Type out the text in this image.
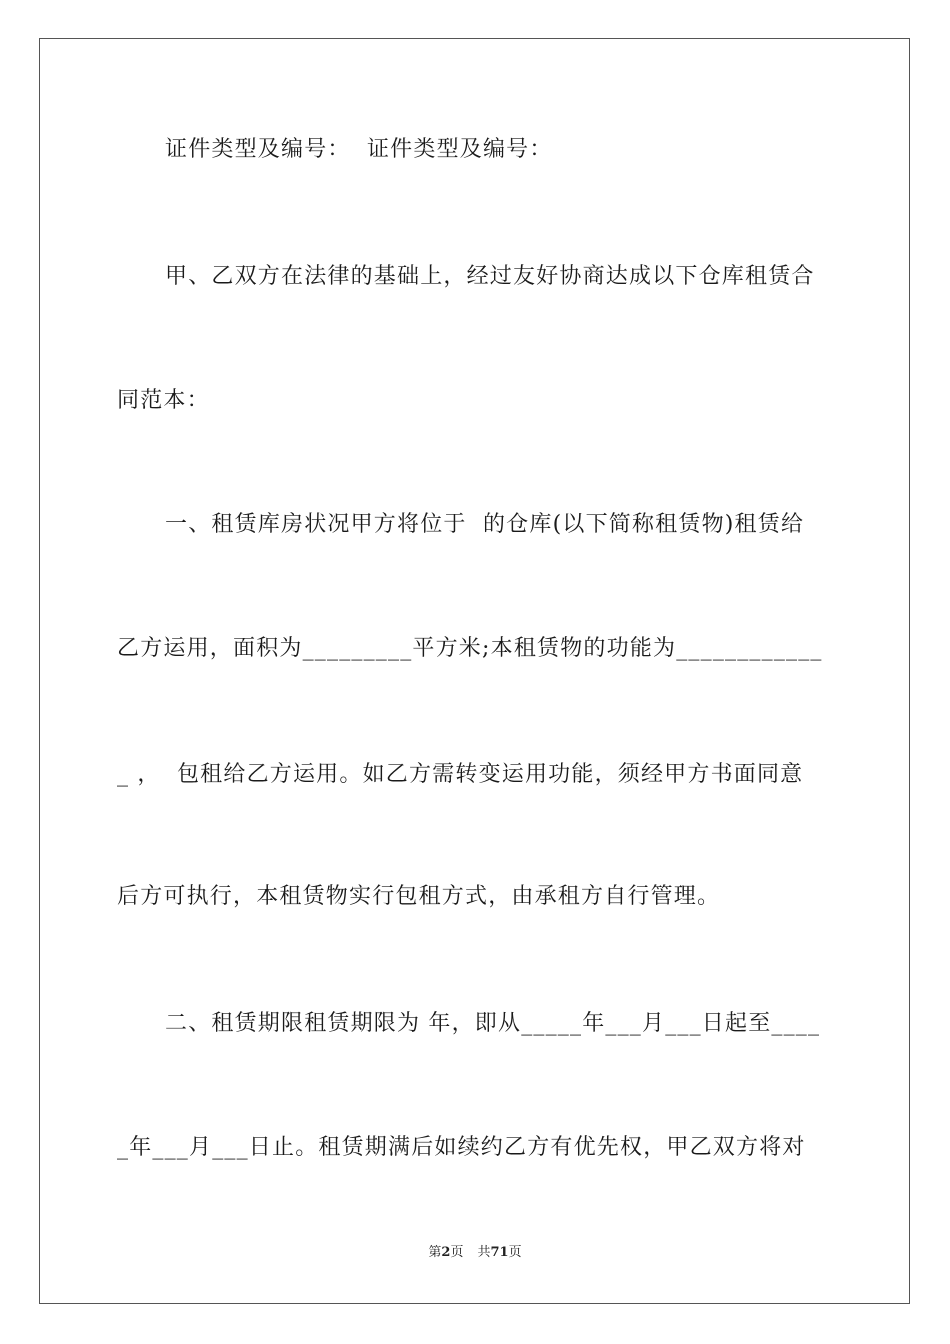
证件类型及编号：  证件类型及编号：
甲、乙双方在法律的基础上，经过友好协商达成以下仓库租赁合
同范本：
一、租赁库房状况甲方将位于  的仓库(以下简称租赁物)租赁给
乙方运用，面积为_________平方米;本租赁物的功能为____________
_ ，  包租给乙方运用。如乙方需转变运用功能，须经甲方书面同意
后方可执行，本租赁物实行包租方式，由承租方自行管理。
二、租赁期限租赁期限为 年，即从_____年___月___日起至____
_年___月___日止。租赁期满后如续约乙方有优先权，甲乙双方将对
第2页 共71页
